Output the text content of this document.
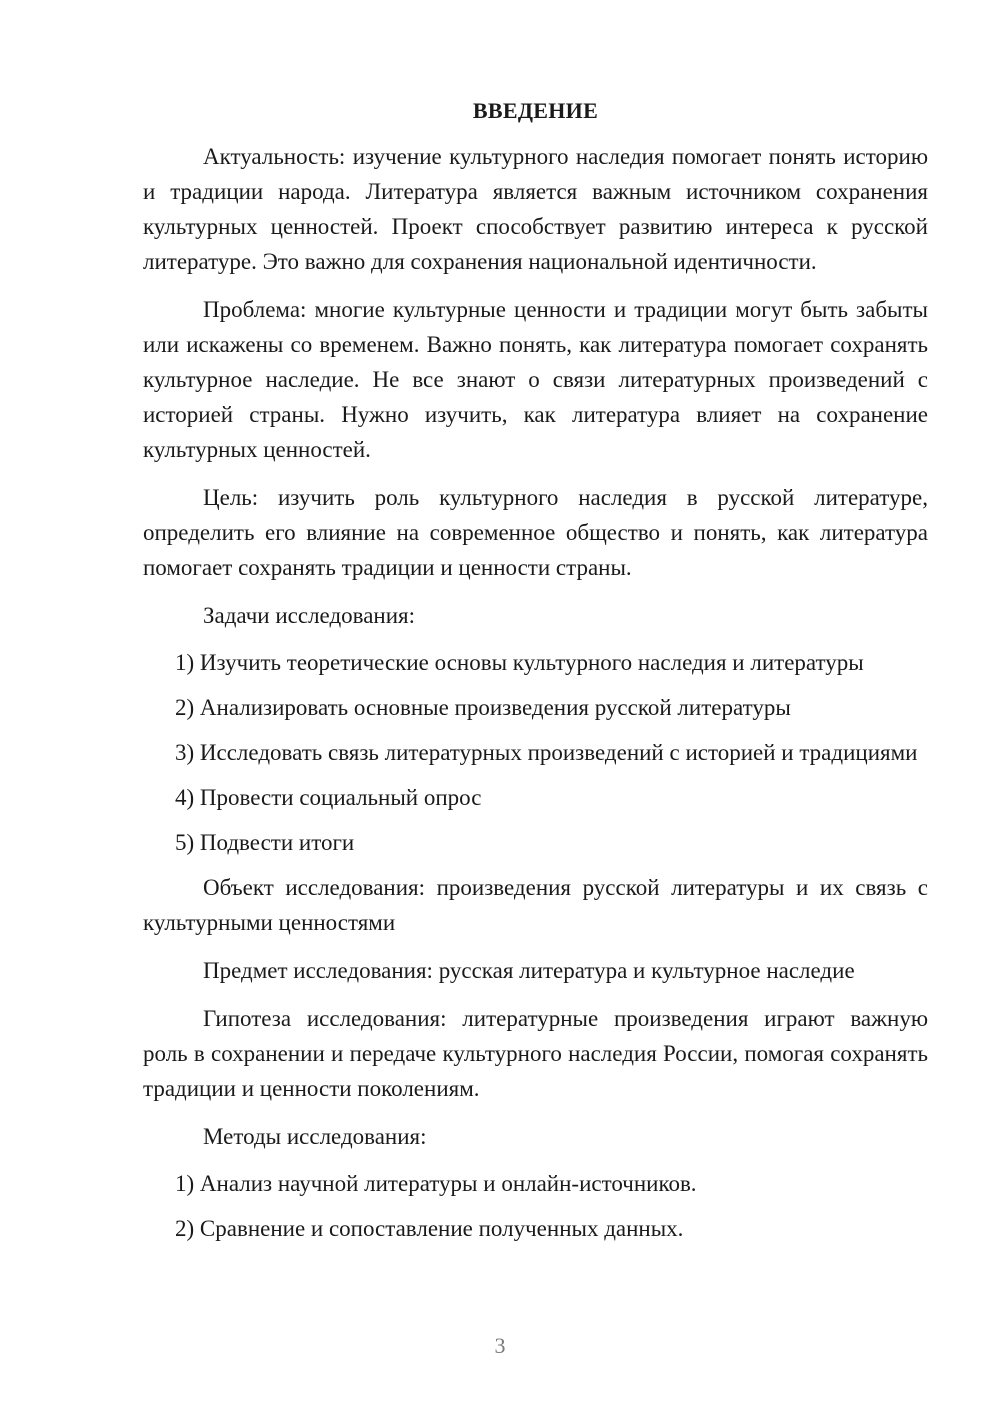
ВВЕДЕНИЕ

Актуальность: изучение культурного наследия помогает понять историю и традиции народа. Литература является важным источником сохранения культурных ценностей. Проект способствует развитию интереса к русской литературе. Это важно для сохранения национальной идентичности.

Проблема: многие культурные ценности и традиции могут быть забыты или искажены со временем. Важно понять, как литература помогает сохранять культурное наследие. Не все знают о связи литературных произведений с историей страны. Нужно изучить, как литература влияет на сохранение культурных ценностей.

Цель: изучить роль культурного наследия в русской литературе, определить его влияние на современное общество и понять, как литература помогает сохранять традиции и ценности страны.

Задачи исследования:

1) Изучить теоретические основы культурного наследия и литературы

2) Анализировать основные произведения русской литературы

3) Исследовать связь литературных произведений с историей и традициями

4) Провести социальный опрос

5) Подвести итоги

Объект исследования: произведения русской литературы и их связь с культурными ценностями

Предмет исследования: русская литература и культурное наследие

Гипотеза исследования: литературные произведения играют важную роль в сохранении и передаче культурного наследия России, помогая сохранять традиции и ценности поколениям.

Методы исследования:

1) Анализ научной литературы и онлайн-источников.

2) Сравнение и сопоставление полученных данных.

3
